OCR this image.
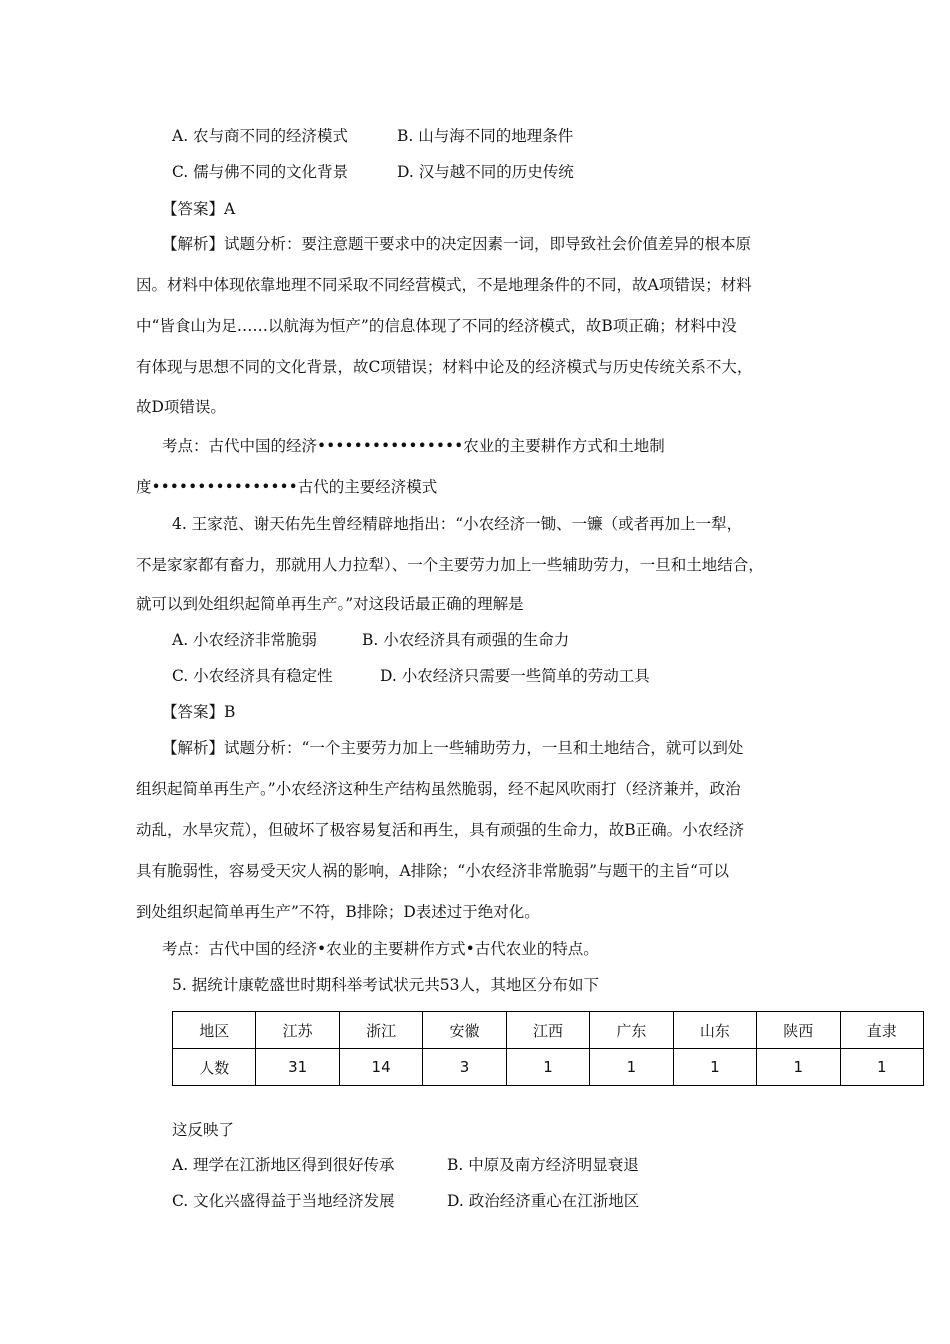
A. 农与商不同的经济模式	B. 山与海不同的地理条件
C. 儒与佛不同的文化背景	D. 汉与越不同的历史传统
【答案】A
【解析】试题分析：要注意题干要求中的决定因素一词，即导致社会价值差异的根本原
因。材料中体现依靠地理不同采取不同经营模式，不是地理条件的不同，故A项错误；材料
中“皆食山为足……以航海为恒产”的信息体现了不同的经济模式，故B项正确；材料中没
有体现与思想不同的文化背景，故C项错误；材料中论及的经济模式与历史传统关系不大，
故D项错误。
考点：古代中国的经济••••••••••••••••农业的主要耕作方式和土地制
度••••••••••••••••古代的主要经济模式
4. 王家范、谢天佑先生曾经精辟地指出：“小农经济一锄、一镰（或者再加上一犁，
不是家家都有畜力，那就用人力拉犁）、一个主要劳力加上一些辅助劳力，一旦和土地结合，
就可以到处组织起简单再生产。”对这段话最正确的理解是
A. 小农经济非常脆弱	B. 小农经济具有顽强的生命力
C. 小农经济具有稳定性	D. 小农经济只需要一些简单的劳动工具
【答案】B
【解析】试题分析：“一个主要劳力加上一些辅助劳力，一旦和土地结合，就可以到处
组织起简单再生产。”小农经济这种生产结构虽然脆弱，经不起风吹雨打（经济兼并，政治
动乱，水旱灾荒），但破坏了极容易复活和再生，具有顽强的生命力，故B正确。小农经济
具有脆弱性，容易受天灾人祸的影响，A排除；“小农经济非常脆弱”与题干的主旨“可以
到处组织起简单再生产”不符，B排除；D表述过于绝对化。
考点：古代中国的经济•农业的主要耕作方式•古代农业的特点。
5. 据统计康乾盛世时期科举考试状元共53人，其地区分布如下
地区	江苏	浙江	安徽	江西	广东	山东	陕西	直隶
人数	31	14	3	1	1	1	1	1
这反映了
A. 理学在江浙地区得到很好传承	B. 中原及南方经济明显衰退
C. 文化兴盛得益于当地经济发展	D. 政治经济重心在江浙地区
